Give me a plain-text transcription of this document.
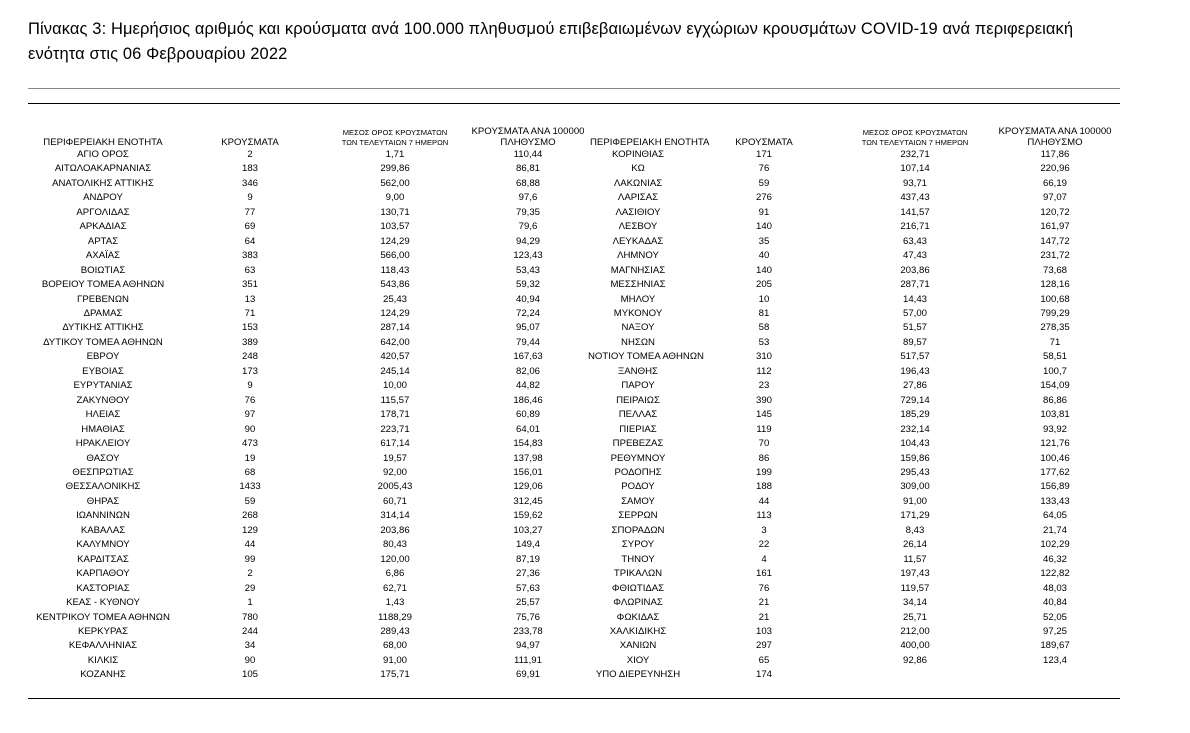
Πίνακας 3: Ημερήσιος αριθμός και κρούσματα ανά 100.000 πληθυσμού επιβεβαιωμένων εγχώριων κρουσμάτων COVID-19 ανά περιφερειακή
ενότητα στις 06 Φεβρουαρίου 2022
ΠΕΡΙΦΕΡΕΙΑΚΗ ΕΝΟΤΗΤΑ	ΚΡΟΥΣΜΑΤΑ	ΜΕΣΟΣ ΟΡΟΣ ΚΡΟΥΣΜΑΤΩΝ
ΤΩΝ ΤΕΛΕΥΤΑΙΩΝ 7 ΗΜΕΡΩΝ	ΚΡΟΥΣΜΑΤΑ ΑΝΑ 100000
ΠΛΗΘΥΣΜΟ	ΠΕΡΙΦΕΡΕΙΑΚΗ ΕΝΟΤΗΤΑ	ΚΡΟΥΣΜΑΤΑ	ΜΕΣΟΣ ΟΡΟΣ ΚΡΟΥΣΜΑΤΩΝ
ΤΩΝ ΤΕΛΕΥΤΑΙΩΝ 7 ΗΜΕΡΩΝ	ΚΡΟΥΣΜΑΤΑ ΑΝΑ 100000
ΠΛΗΘΥΣΜΟ
ΑΓΙΟ ΟΡΟΣ	2	1,71	110,44	ΚΟΡΙΝΘΙΑΣ	171	232,71	117,86
ΑΙΤΩΛΟΑΚΑΡΝΑΝΙΑΣ	183	299,86	86,81	ΚΩ	76	107,14	220,96
ΑΝΑΤΟΛΙΚΗΣ ΑΤΤΙΚΗΣ	346	562,00	68,88	ΛΑΚΩΝΙΑΣ	59	93,71	66,19
ΑΝΔΡΟΥ	9	9,00	97,6	ΛΑΡΙΣΑΣ	276	437,43	97,07
ΑΡΓΟΛΙΔΑΣ	77	130,71	79,35	ΛΑΣΙΘΙΟΥ	91	141,57	120,72
ΑΡΚΑΔΙΑΣ	69	103,57	79,6	ΛΕΣΒΟΥ	140	216,71	161,97
ΑΡΤΑΣ	64	124,29	94,29	ΛΕΥΚΑΔΑΣ	35	63,43	147,72
ΑΧΑΪΑΣ	383	566,00	123,43	ΛΗΜΝΟΥ	40	47,43	231,72
ΒΟΙΩΤΙΑΣ	63	118,43	53,43	ΜΑΓΝΗΣΙΑΣ	140	203,86	73,68
ΒΟΡΕΙΟΥ ΤΟΜΕΑ ΑΘΗΝΩΝ	351	543,86	59,32	ΜΕΣΣΗΝΙΑΣ	205	287,71	128,16
ΓΡΕΒΕΝΩΝ	13	25,43	40,94	ΜΗΛΟΥ	10	14,43	100,68
ΔΡΑΜΑΣ	71	124,29	72,24	ΜΥΚΟΝΟΥ	81	57,00	799,29
ΔΥΤΙΚΗΣ ΑΤΤΙΚΗΣ	153	287,14	95,07	ΝΑΞΟΥ	58	51,57	278,35
ΔΥΤΙΚΟΥ ΤΟΜΕΑ ΑΘΗΝΩΝ	389	642,00	79,44	ΝΗΣΩΝ	53	89,57	71
ΕΒΡΟΥ	248	420,57	167,63	ΝΟΤΙΟΥ ΤΟΜΕΑ ΑΘΗΝΩΝ	310	517,57	58,51
ΕΥΒΟΙΑΣ	173	245,14	82,06	ΞΑΝΘΗΣ	112	196,43	100,7
ΕΥΡΥΤΑΝΙΑΣ	9	10,00	44,82	ΠΑΡΟΥ	23	27,86	154,09
ΖΑΚΥΝΘΟΥ	76	115,57	186,46	ΠΕΙΡΑΙΩΣ	390	729,14	86,86
ΗΛΕΙΑΣ	97	178,71	60,89	ΠΕΛΛΑΣ	145	185,29	103,81
ΗΜΑΘΙΑΣ	90	223,71	64,01	ΠΙΕΡΙΑΣ	119	232,14	93,92
ΗΡΑΚΛΕΙΟΥ	473	617,14	154,83	ΠΡΕΒΕΖΑΣ	70	104,43	121,76
ΘΑΣΟΥ	19	19,57	137,98	ΡΕΘΥΜΝΟΥ	86	159,86	100,46
ΘΕΣΠΡΩΤΙΑΣ	68	92,00	156,01	ΡΟΔΟΠΗΣ	199	295,43	177,62
ΘΕΣΣΑΛΟΝΙΚΗΣ	1433	2005,43	129,06	ΡΟΔΟΥ	188	309,00	156,89
ΘΗΡΑΣ	59	60,71	312,45	ΣΑΜΟΥ	44	91,00	133,43
ΙΩΑΝΝΙΝΩΝ	268	314,14	159,62	ΣΕΡΡΩΝ	113	171,29	64,05
ΚΑΒΑΛΑΣ	129	203,86	103,27	ΣΠΟΡΑΔΩΝ	3	8,43	21,74
ΚΑΛΥΜΝΟΥ	44	80,43	149,4	ΣΥΡΟΥ	22	26,14	102,29
ΚΑΡΔΙΤΣΑΣ	99	120,00	87,19	ΤΗΝΟΥ	4	11,57	46,32
ΚΑΡΠΑΘΟΥ	2	6,86	27,36	ΤΡΙΚΑΛΩΝ	161	197,43	122,82
ΚΑΣΤΟΡΙΑΣ	29	62,71	57,63	ΦΘΙΩΤΙΔΑΣ	76	119,57	48,03
ΚΕΑΣ - ΚΥΘΝΟΥ	1	1,43	25,57	ΦΛΩΡΙΝΑΣ	21	34,14	40,84
ΚΕΝΤΡΙΚΟΥ ΤΟΜΕΑ ΑΘΗΝΩΝ	780	1188,29	75,76	ΦΩΚΙΔΑΣ	21	25,71	52,05
ΚΕΡΚΥΡΑΣ	244	289,43	233,78	ΧΑΛΚΙΔΙΚΗΣ	103	212,00	97,25
ΚΕΦΑΛΛΗΝΙΑΣ	34	68,00	94,97	ΧΑΝΙΩΝ	297	400,00	189,67
ΚΙΛΚΙΣ	90	91,00	111,91	ΧΙΟΥ	65	92,86	123,4
ΚΟΖΑΝΗΣ	105	175,71	69,91	ΥΠΟ ΔΙΕΡΕΥΝΗΣΗ	174		
